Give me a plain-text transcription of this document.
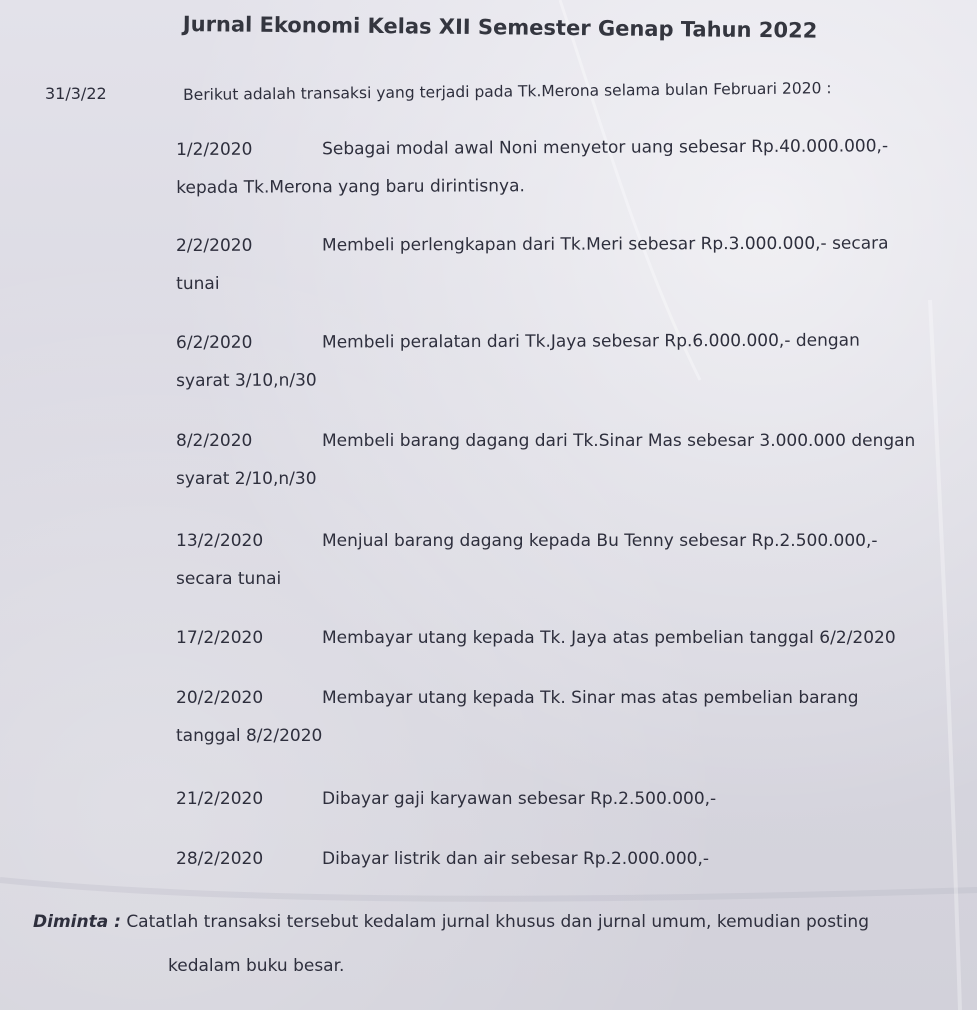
Jurnal Ekonomi Kelas XII Semester Genap Tahun 2022
31/3/22	Berikut adalah transaksi yang terjadi pada Tk.Merona selama bulan Februari 2020 :
1/2/2020	Sebagai modal awal Noni menyetor uang sebesar Rp.40.000.000,-
kepada Tk.Merona yang baru dirintisnya.
2/2/2020	Membeli perlengkapan dari Tk.Meri sebesar Rp.3.000.000,- secara
tunai
6/2/2020	Membeli peralatan dari Tk.Jaya sebesar Rp.6.000.000,- dengan
syarat 3/10,n/30
8/2/2020	Membeli barang dagang dari Tk.Sinar Mas sebesar 3.000.000 dengan
syarat 2/10,n/30
13/2/2020	Menjual barang dagang kepada Bu Tenny sebesar Rp.2.500.000,-
secara tunai
17/2/2020	Membayar utang kepada Tk. Jaya atas pembelian tanggal 6/2/2020
20/2/2020	Membayar utang kepada Tk. Sinar mas atas pembelian barang
tanggal 8/2/2020
21/2/2020	Dibayar gaji karyawan sebesar Rp.2.500.000,-
28/2/2020	Dibayar listrik dan air sebesar Rp.2.000.000,-
Diminta : Catatlah transaksi tersebut kedalam jurnal khusus dan jurnal umum, kemudian posting
kedalam buku besar.
